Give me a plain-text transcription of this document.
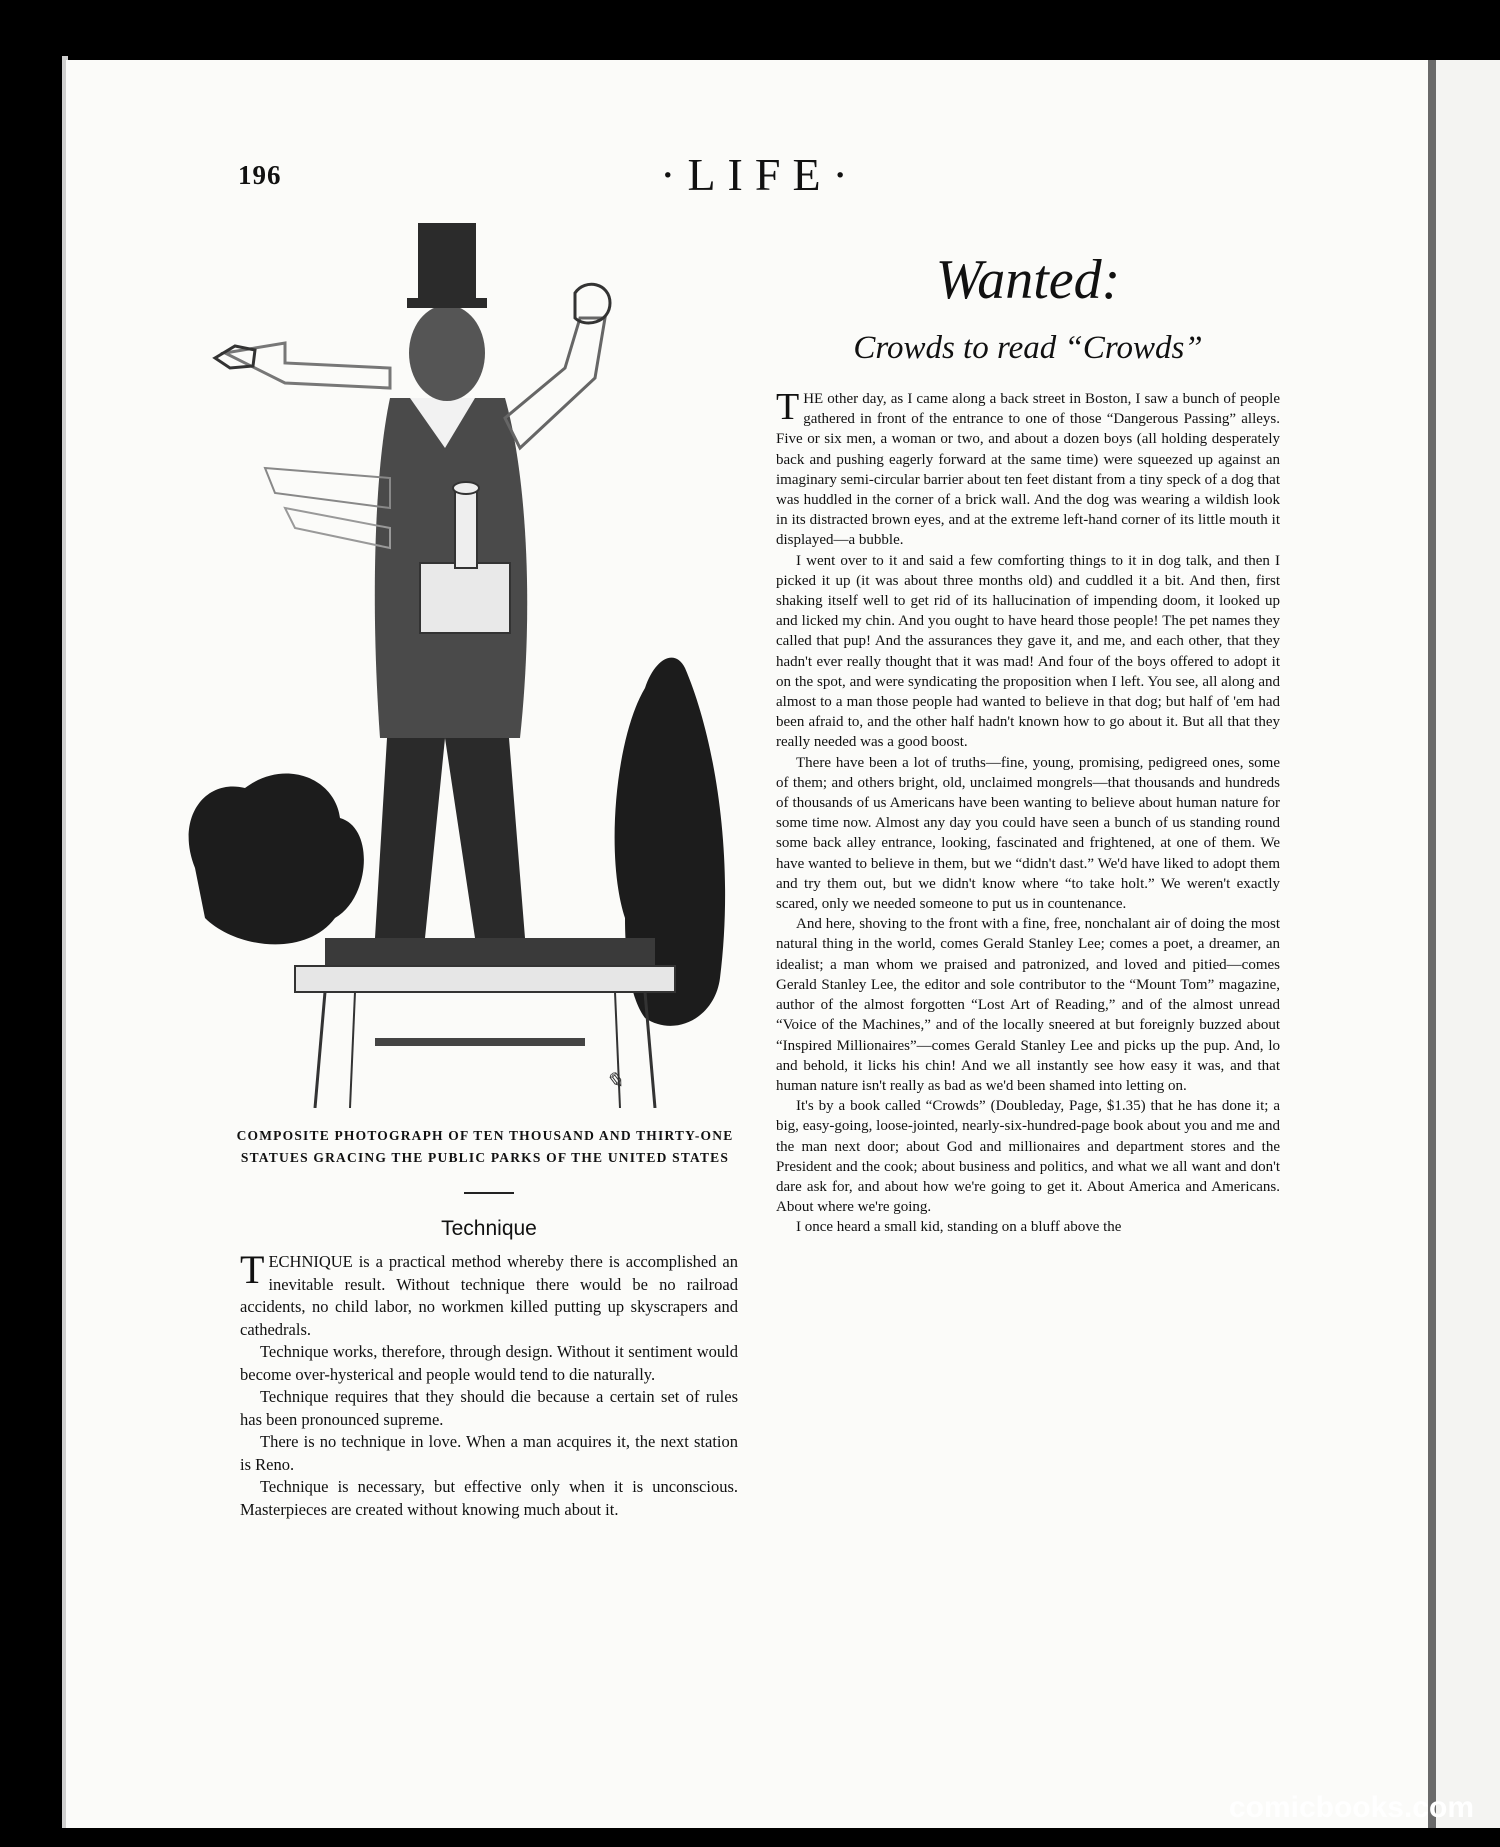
196	·LIFE·
✎
COMPOSITE PHOTOGRAPH OF TEN THOUSAND AND THIRTY-ONE
STATUES GRACING THE PUBLIC PARKS OF THE UNITED STATES
Technique

TECHNIQUE is a practical method whereby there is accomplished an inevitable result. Without technique there would be no railroad accidents, no child labor, no workmen killed putting up skyscrapers and cathedrals.

Technique works, therefore, through design. Without it sentiment would become over-hysterical and people would tend to die naturally.

Technique requires that they should die because a certain set of rules has been pronounced supreme.

There is no technique in love. When a man acquires it, the next station is Reno.

Technique is necessary, but effective only when it is unconscious. Masterpieces are created without knowing much about it.

Wanted:
Crowds to read “Crowds”

THE other day, as I came along a back street in Boston, I saw a bunch of people gathered in front of the entrance to one of those “Dangerous Passing” alleys. Five or six men, a woman or two, and about a dozen boys (all holding desperately back and pushing eagerly forward at the same time) were squeezed up against an imaginary semi-circular barrier about ten feet distant from a tiny speck of a dog that was huddled in the corner of a brick wall. And the dog was wearing a wildish look in its distracted brown eyes, and at the extreme left-hand corner of its little mouth it displayed—a bubble.

I went over to it and said a few comforting things to it in dog talk, and then I picked it up (it was about three months old) and cuddled it a bit. And then, first shaking itself well to get rid of its hallucination of impending doom, it looked up and licked my chin. And you ought to have heard those people! The pet names they called that pup! And the assurances they gave it, and me, and each other, that they hadn't ever really thought that it was mad! And four of the boys offered to adopt it on the spot, and were syndicating the proposition when I left. You see, all along and almost to a man those people had wanted to believe in that dog; but half of 'em had been afraid to, and the other half hadn't known how to go about it. But all that they really needed was a good boost.

There have been a lot of truths—fine, young, promising, pedigreed ones, some of them; and others bright, old, unclaimed mongrels—that thousands and hundreds of thousands of us Americans have been wanting to believe about human nature for some time now. Almost any day you could have seen a bunch of us standing round some back alley entrance, looking, fascinated and frightened, at one of them. We have wanted to believe in them, but we “didn't dast.” We'd have liked to adopt them and try them out, but we didn't know where “to take holt.” We weren't exactly scared, only we needed someone to put us in countenance.

And here, shoving to the front with a fine, free, nonchalant air of doing the most natural thing in the world, comes Gerald Stanley Lee; comes a poet, a dreamer, an idealist; a man whom we praised and patronized, and loved and pitied—comes Gerald Stanley Lee, the editor and sole contributor to the “Mount Tom” magazine, author of the almost forgotten “Lost Art of Reading,” and of the almost unread “Voice of the Machines,” and of the locally sneered at but foreignly buzzed about “Inspired Millionaires”—comes Gerald Stanley Lee and picks up the pup. And, lo and behold, it licks his chin! And we all instantly see how easy it was, and that human nature isn't really as bad as we'd been shamed into letting on.

It's by a book called “Crowds” (Doubleday, Page, $1.35) that he has done it; a big, easy-going, loose-jointed, nearly-six-hundred-page book about you and me and the man next door; about God and millionaires and department stores and the President and the cook; about business and politics, and what we all want and don't dare ask for, and about how we're going to get it. About America and Americans. About where we're going.

I once heard a small kid, standing on a bluff above the

comicbooks.com
